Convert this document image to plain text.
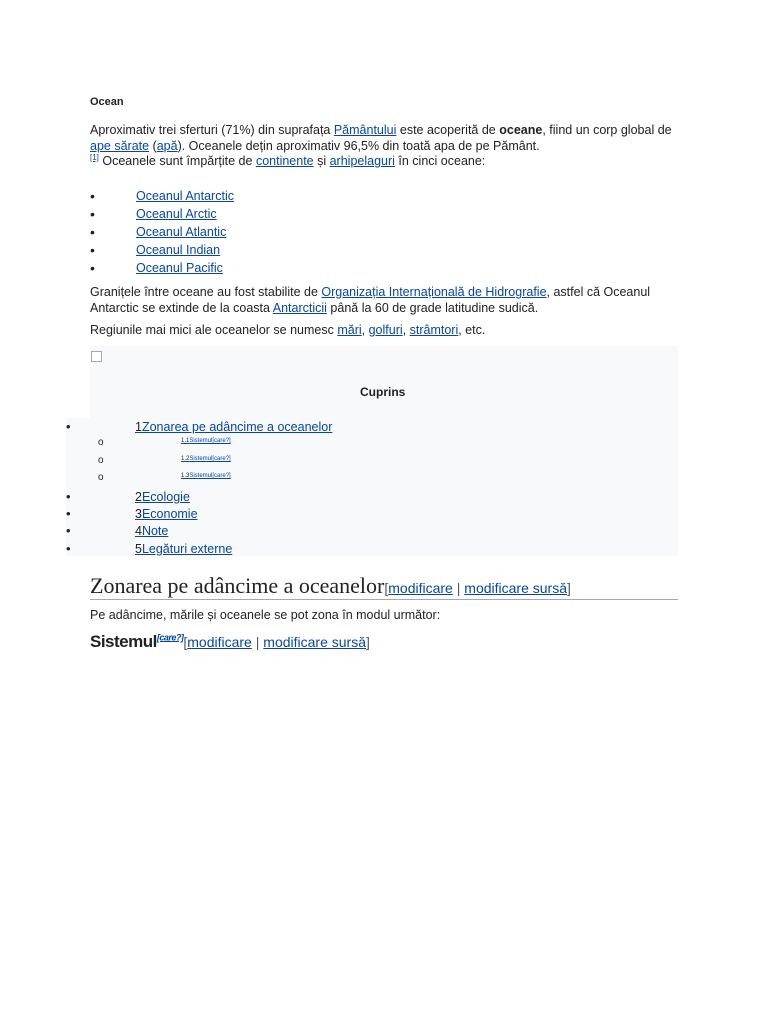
Ocean

Aproximativ trei sferturi (71%) din suprafața Pământului este acoperită de oceane, fiind un corp global de ape sărate (apă). Oceanele dețin aproximativ 96,5% din toată apa de pe Pământ.
[1] Oceanele sunt împărțite de continente și arhipelaguri în cinci oceane:

•	Oceanul Antarctic
•	Oceanul Arctic
•	Oceanul Atlantic
•	Oceanul Indian
•	Oceanul Pacific

Granițele între oceane au fost stabilite de Organizația Internațională de Hidrografie, astfel că Oceanul Antarctic se extinde de la coasta Antarcticii până la 60 de grade latitudine sudică.

Regiunile mai mici ale oceanelor se numesc mări, golfuri, strâmtori, etc.

Cuprins
•	1Zonarea pe adâncime a oceanelor
o	1.1Sistemul[care?]
o	1.2Sistemul[care?]
o	1.3Sistemul[care?]
•	2Ecologie
•	3Economie
•	4Note
•	5Legături externe
Zonarea pe adâncime a oceanelor[modificare | modificare sursă]

Pe adâncime, mările și oceanele se pot zona în modul următor:

Sistemul[care?][modificare | modificare sursă]
